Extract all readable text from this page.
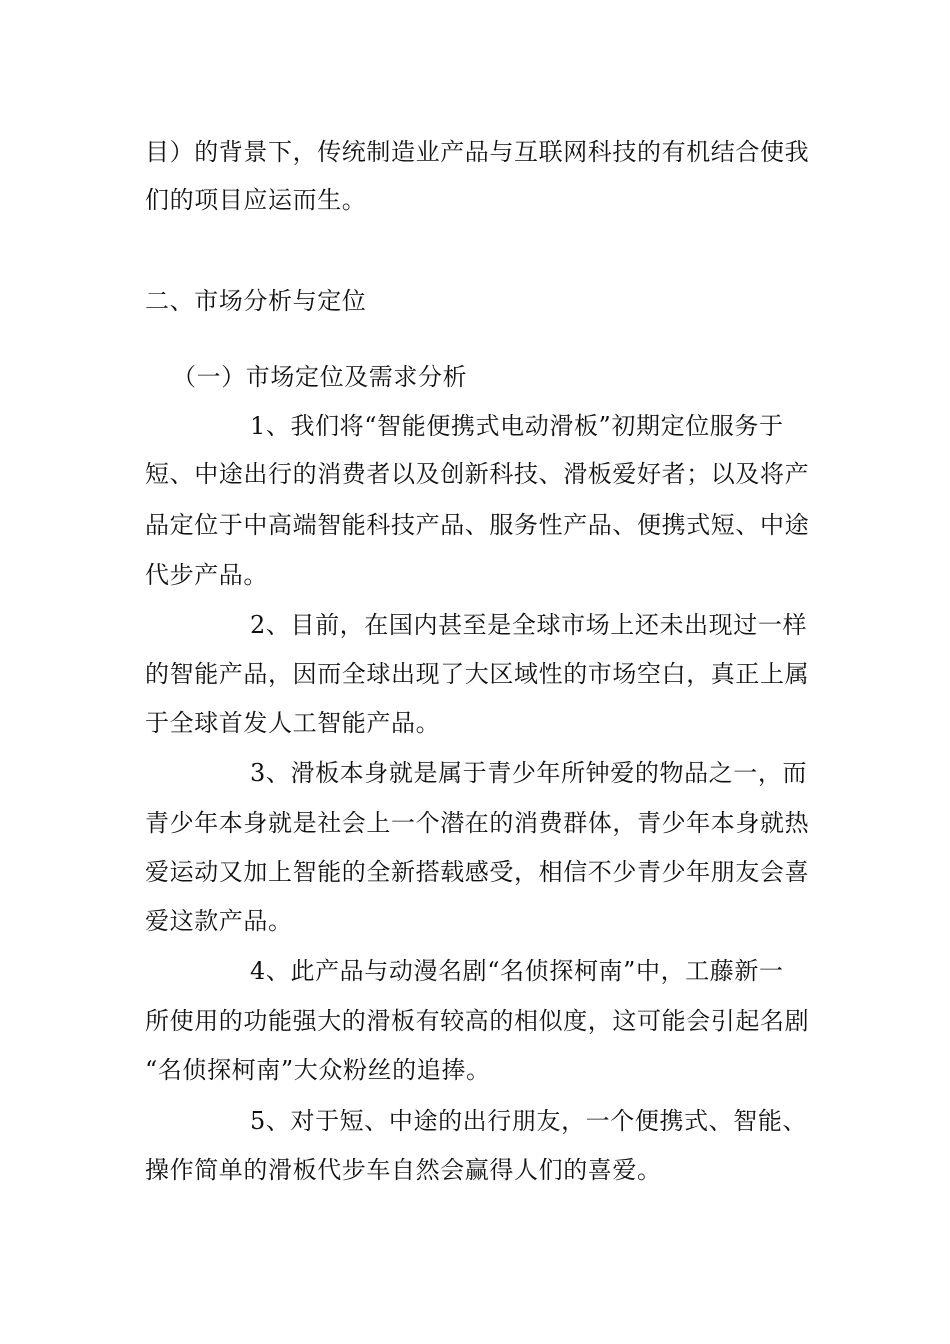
目）的背景下，传统制造业产品与互联网科技的有机结合使我
们的项目应运而生。
二、市场分析与定位
（一）市场定位及需求分析
1、我们将“智能便携式电动滑板”初期定位服务于
短、中途出行的消费者以及创新科技、滑板爱好者；以及将产
品定位于中高端智能科技产品、服务性产品、便携式短、中途
代步产品。
2、目前，在国内甚至是全球市场上还未出现过一样
的智能产品，因而全球出现了大区域性的市场空白，真正上属
于全球首发人工智能产品。
3、滑板本身就是属于青少年所钟爱的物品之一，而
青少年本身就是社会上一个潜在的消费群体，青少年本身就热
爱运动又加上智能的全新搭载感受，相信不少青少年朋友会喜
爱这款产品。
4、此产品与动漫名剧“名侦探柯南”中，工藤新一
所使用的功能强大的滑板有较高的相似度，这可能会引起名剧
“名侦探柯南”大众粉丝的追捧。
5、对于短、中途的出行朋友，一个便携式、智能、
操作简单的滑板代步车自然会赢得人们的喜爱。
